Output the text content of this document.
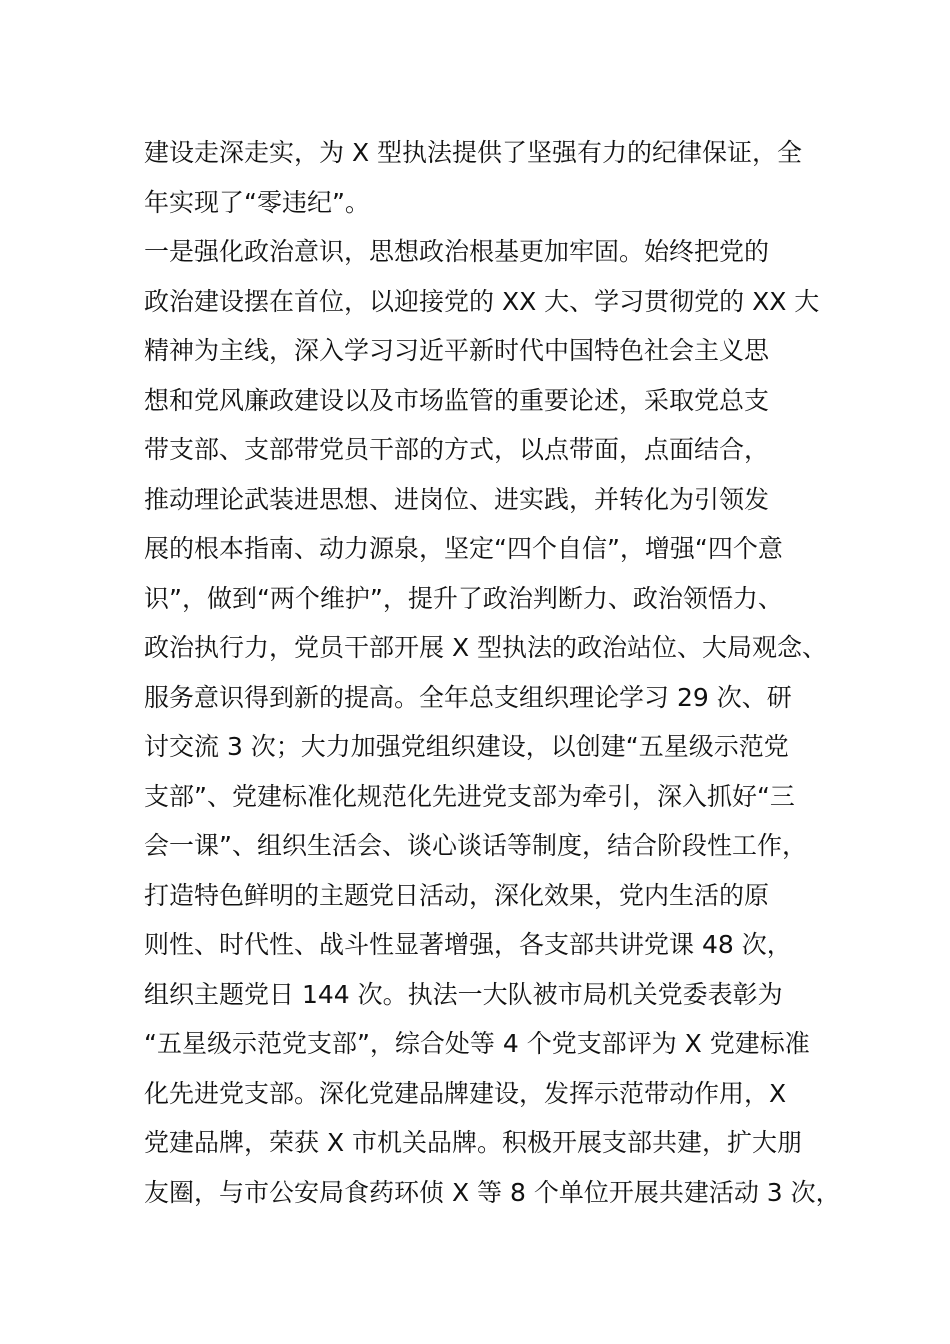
建设走深走实，为 X 型执法提供了坚强有力的纪律保证，全
年实现了“零违纪”。
一是强化政治意识，思想政治根基更加牢固。始终把党的
政治建设摆在首位，以迎接党的 XX 大、学习贯彻党的 XX 大
精神为主线，深入学习习近平新时代中国特色社会主义思
想和党风廉政建设以及市场监管的重要论述，采取党总支
带支部、支部带党员干部的方式，以点带面，点面结合，
推动理论武装进思想、进岗位、进实践，并转化为引领发
展的根本指南、动力源泉，坚定“四个自信”，增强“四个意
识”，做到“两个维护”，提升了政治判断力、政治领悟力、
政治执行力，党员干部开展 X 型执法的政治站位、大局观念、
服务意识得到新的提高。全年总支组织理论学习 29 次、研
讨交流 3 次；大力加强党组织建设，以创建“五星级示范党
支部”、党建标准化规范化先进党支部为牵引，深入抓好“三
会一课”、组织生活会、谈心谈话等制度，结合阶段性工作，
打造特色鲜明的主题党日活动，深化效果，党内生活的原
则性、时代性、战斗性显著增强，各支部共讲党课 48 次，
组织主题党日 144 次。执法一大队被市局机关党委表彰为
“五星级示范党支部”，综合处等 4 个党支部评为 X 党建标准
化先进党支部。深化党建品牌建设，发挥示范带动作用，X
党建品牌，荣获 X 市机关品牌。积极开展支部共建，扩大朋
友圈，与市公安局食药环侦 X 等 8 个单位开展共建活动 3 次，
